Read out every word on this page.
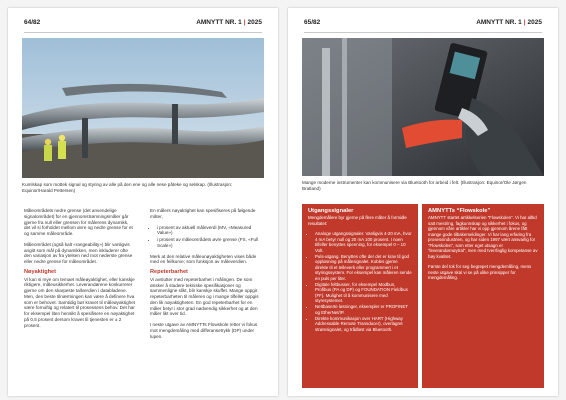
64/82	AMNYTT NR. 1 | 2025
Kumlskap som mottek signal og styring av alle på den ene og alle nese påteke og selskap. (Illustrasjon: Equinor/Harald Pettersen)

Måleområdets nedre grense (det anvendelige signalområdet) for en gjennomstrømningsmåler går gjerne fra null eller grensen for målerens dynamikk, det vil si forholdet mellom øvre og nedre grense for et og samme måleområde.

Måleområdet (også kalt «rangeability») blir vanligvis angitt som mål på dynamikken, men inkluderer ofte den variasjon av fra ytelsen ned mot nederste grense eller nedre grense for måleområdet.

Nøyaktighet

Vi kan si mye om temaet måleøyaktighet, eller kanskje riktigere, måleusikkerhet. Leverandørene konkurrerer gjerne om den skarpeste tallverdien i databladene. Men, den beste tilnærmingen kan være å definere hva som er behovet. Samtidig bør kravet til måleøyaktighet være fornuftig og relatert til prosessens behov. Det har for eksempel liten hensikt å spesifisere en nøyaktighet på 0,5 prosent dersom kravet til tjenesten er ± 2 prosent.

En målers nøyaktighet kan spesifiseres på følgende måter,

• i prosent av aktuell måleverdi (MV, «Measured Value»)
• i prosent av måleområdets øvre grense (FS, «Full Scale»)

Merk at den relative måleunøyaktigheten vises både med en feilkurve; som funksjon av måleverdien.

Repeterbarhet

Vi avslutter med repeterbarhet i målingen. De som ønsker å studere tekniske spesifikasjoner og sammenligne slikt, blir kanskje skuffet. Mange oppgir repeterbarheten til måleren og i mange tilfeller oppgis den lik nøyaktigheten. En god repeterbarhet for en måler betyr i stor grad nødvendig sikkerhet og at den måler likt over tid.

I neste utgave av AMNYTTs Flowskole retter vi fokus mot mengdemåling med differansetrykk (DP) under lupen.

65/82	AMNYTT NR. 1 | 2025
Mange moderne instrumenter kan kommunisere via Bluetooth for arbeid i felt. (Illustrasjon: Equinor/Ole Jørgen Bratland)
Utgangssignaler

Mengdemålere byr gjerne på flere måter å formidle resultatet:

• Analoge utgangssignaler. Vanligvis 4-20 mA, hvor 4 mA betyr null og 20 mA 100 prosent. I noen tilfeller benyttes spenning, for eksempel 0 – 10 Volt.
• Puls-utgang. Benyttes ofte der det er krav til god oppløsning på målesignalet. Kobles gjerne direkte til et telleverk eller programmert i et styringssystem. For eksempel kan måleren sende en puls per liter.
• Digitale feltbusser, for eksempel Modbus, Profibus (PA og DP) og FOUNDATION Fieldbus (FF). Mulighet til å kommunisere med styresystemet.
• Nettbaserte løsninger, eksempler er PROFINET og EtherNet/IP.
• Direkte kommunikasjon over HART (Highway Addressable Remote Transducer), overlagret strømsignalet, og trådløst via Bluetooth.
AMNYTTs “Flowskole”

AMNYTT startet artikkelserien “Flowskolen”. Vi har alltid satt mestring, fagkunnskap og sikkerhet i fokus, og gjennom våre artikler har vi opp gjennom årene fått mange gode tilbakemeldinger. Vi har lang erfaring fra prosessindustrien, og har siden 1997 vært ansvarlig for “Flowskolen”, som etter eget utsagn er “leverandørnøytral”, men med tverrfaglig kompetanse av høy kvalitet.

Første del tok for seg begrepet mengdemåling, mens neste utgave skal vi se på ulike prinsipper for mengdemåling.
